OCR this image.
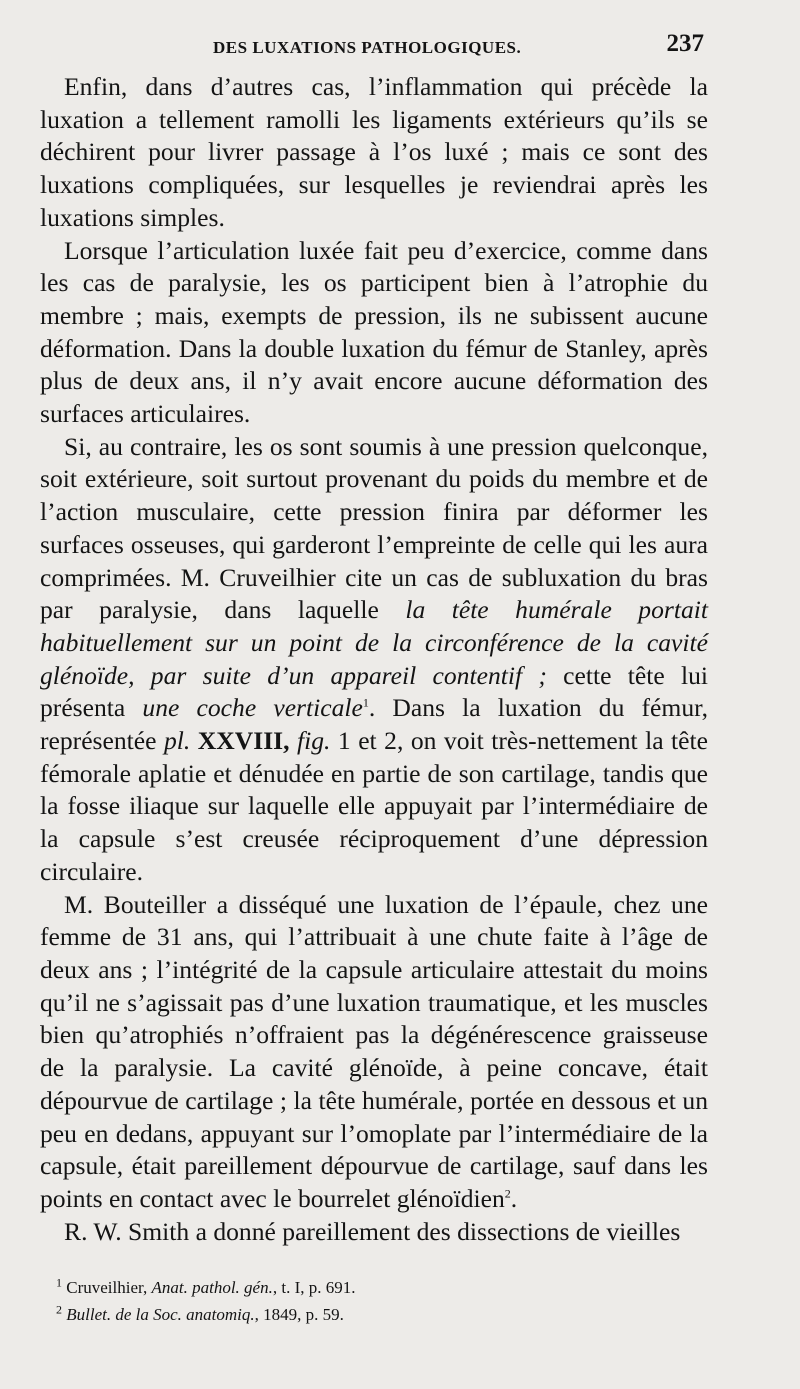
DES LUXATIONS PATHOLOGIQUES.	237

Enfin, dans d’autres cas, l’inflammation qui précède la luxation a tellement ramolli les ligaments extérieurs qu’ils se déchirent pour livrer passage à l’os luxé ; mais ce sont des luxations compliquées, sur lesquelles je reviendrai après les luxations simples.

Lorsque l’articulation luxée fait peu d’exercice, comme dans les cas de paralysie, les os participent bien à l’atrophie du membre ; mais, exempts de pression, ils ne subissent aucune déformation. Dans la double luxation du fémur de Stanley, après plus de deux ans, il n’y avait encore aucune déformation des surfaces articulaires.

Si, au contraire, les os sont soumis à une pression quelconque, soit extérieure, soit surtout provenant du poids du membre et de l’action musculaire, cette pression finira par déformer les surfaces osseuses, qui garderont l’empreinte de celle qui les aura comprimées. M. Cruveilhier cite un cas de subluxation du bras par paralysie, dans laquelle la tête humérale portait habituellement sur un point de la circonférence de la cavité glénoïde, par suite d’un appareil contentif ; cette tête lui présenta une coche verticale$^1$. Dans la luxation du fémur, représentée pl. XXVIII, fig. 1 et 2, on voit très-nettement la tête fémorale aplatie et dénudée en partie de son cartilage, tandis que la fosse iliaque sur laquelle elle appuyait par l’intermédiaire de la capsule s’est creusée réciproquement d’une dépression circulaire.

M. Bouteiller a disséqué une luxation de l’épaule, chez une femme de 31 ans, qui l’attribuait à une chute faite à l’âge de deux ans ; l’intégrité de la capsule articulaire attestait du moins qu’il ne s’agissait pas d’une luxation traumatique, et les muscles bien qu’atrophiés n’offraient pas la dégénérescence graisseuse de la paralysie. La cavité glénoïde, à peine concave, était dépourvue de cartilage ; la tête humérale, portée en dessous et un peu en dedans, appuyant sur l’omoplate par l’intermédiaire de la capsule, était pareillement dépourvue de cartilage, sauf dans les points en contact avec le bourrelet glénoïdien$^2$.

R. W. Smith a donné pareillement des dissections de vieilles

$^1$ Cruveilhier, Anat. pathol. gén., t. I, p. 691.

$^2$ Bullet. de la Soc. anatomiq., 1849, p. 59.
